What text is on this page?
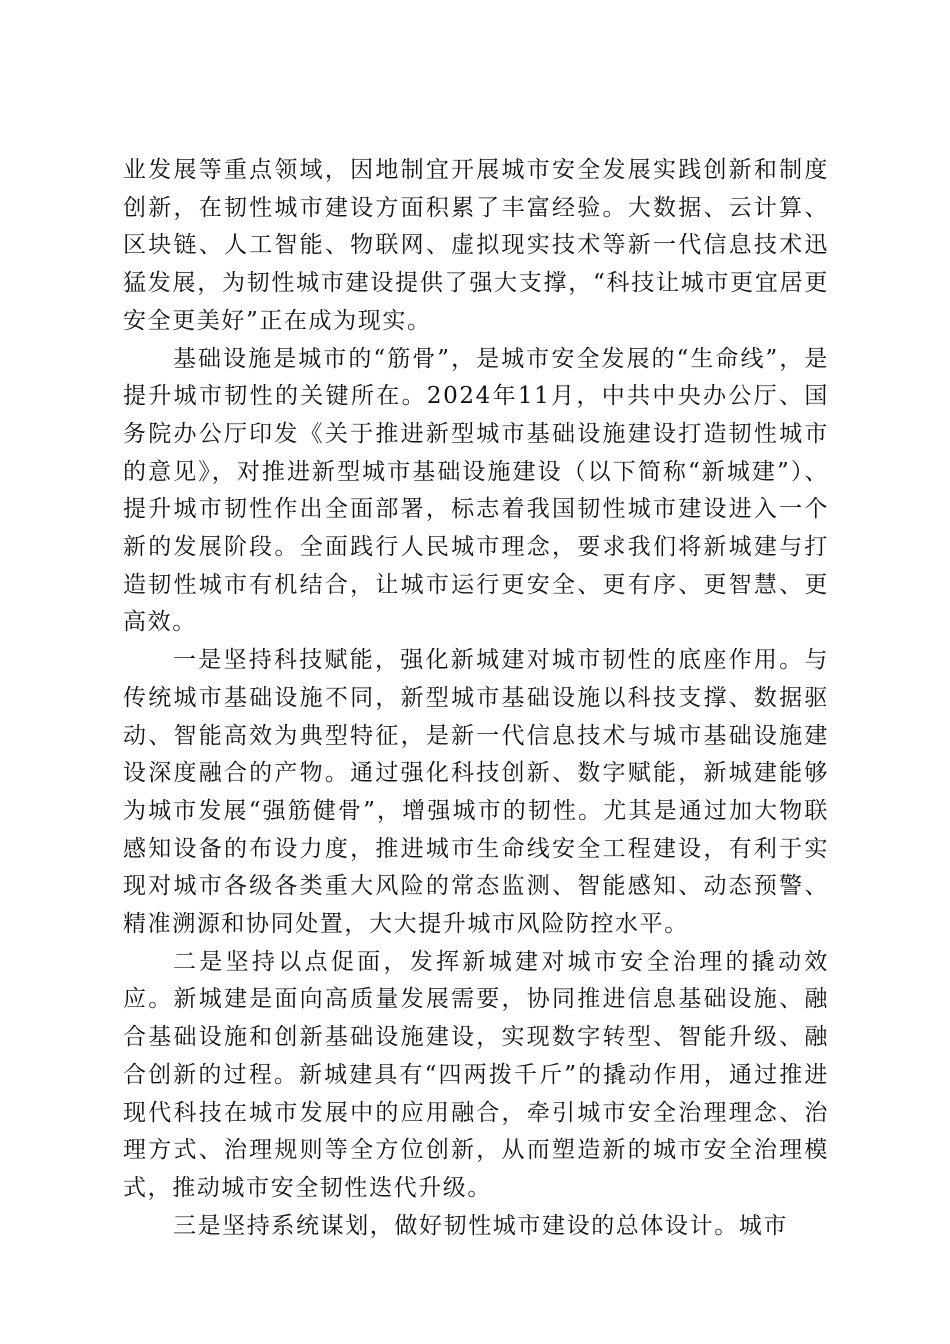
业发展等重点领域，因地制宜开展城市安全发展实践创新和制度创新，在韧性城市建设方面积累了丰富经验。大数据、云计算、区块链、人工智能、物联网、虚拟现实技术等新一代信息技术迅猛发展，为韧性城市建设提供了强大支撑，“科技让城市更宜居更安全更美好”正在成为现实。

基础设施是城市的“筋骨”，是城市安全发展的“生命线”，是提升城市韧性的关键所在。2024年11月，中共中央办公厅、国务院办公厅印发《关于推进新型城市基础设施建设打造韧性城市的意见》，对推进新型城市基础设施建设（以下简称“新城建”）、提升城市韧性作出全面部署，标志着我国韧性城市建设进入一个新的发展阶段。全面践行人民城市理念，要求我们将新城建与打造韧性城市有机结合，让城市运行更安全、更有序、更智慧、更高效。

一是坚持科技赋能，强化新城建对城市韧性的底座作用。与传统城市基础设施不同，新型城市基础设施以科技支撑、数据驱动、智能高效为典型特征，是新一代信息技术与城市基础设施建设深度融合的产物。通过强化科技创新、数字赋能，新城建能够为城市发展“强筋健骨”，增强城市的韧性。尤其是通过加大物联感知设备的布设力度，推进城市生命线安全工程建设，有利于实现对城市各级各类重大风险的常态监测、智能感知、动态预警、精准溯源和协同处置，大大提升城市风险防控水平。

二是坚持以点促面，发挥新城建对城市安全治理的撬动效应。新城建是面向高质量发展需要，协同推进信息基础设施、融合基础设施和创新基础设施建设，实现数字转型、智能升级、融合创新的过程。新城建具有“四两拨千斤”的撬动作用，通过推进现代科技在城市发展中的应用融合，牵引城市安全治理理念、治理方式、治理规则等全方位创新，从而塑造新的城市安全治理模式，推动城市安全韧性迭代升级。

三是坚持系统谋划，做好韧性城市建设的总体设计。城市
